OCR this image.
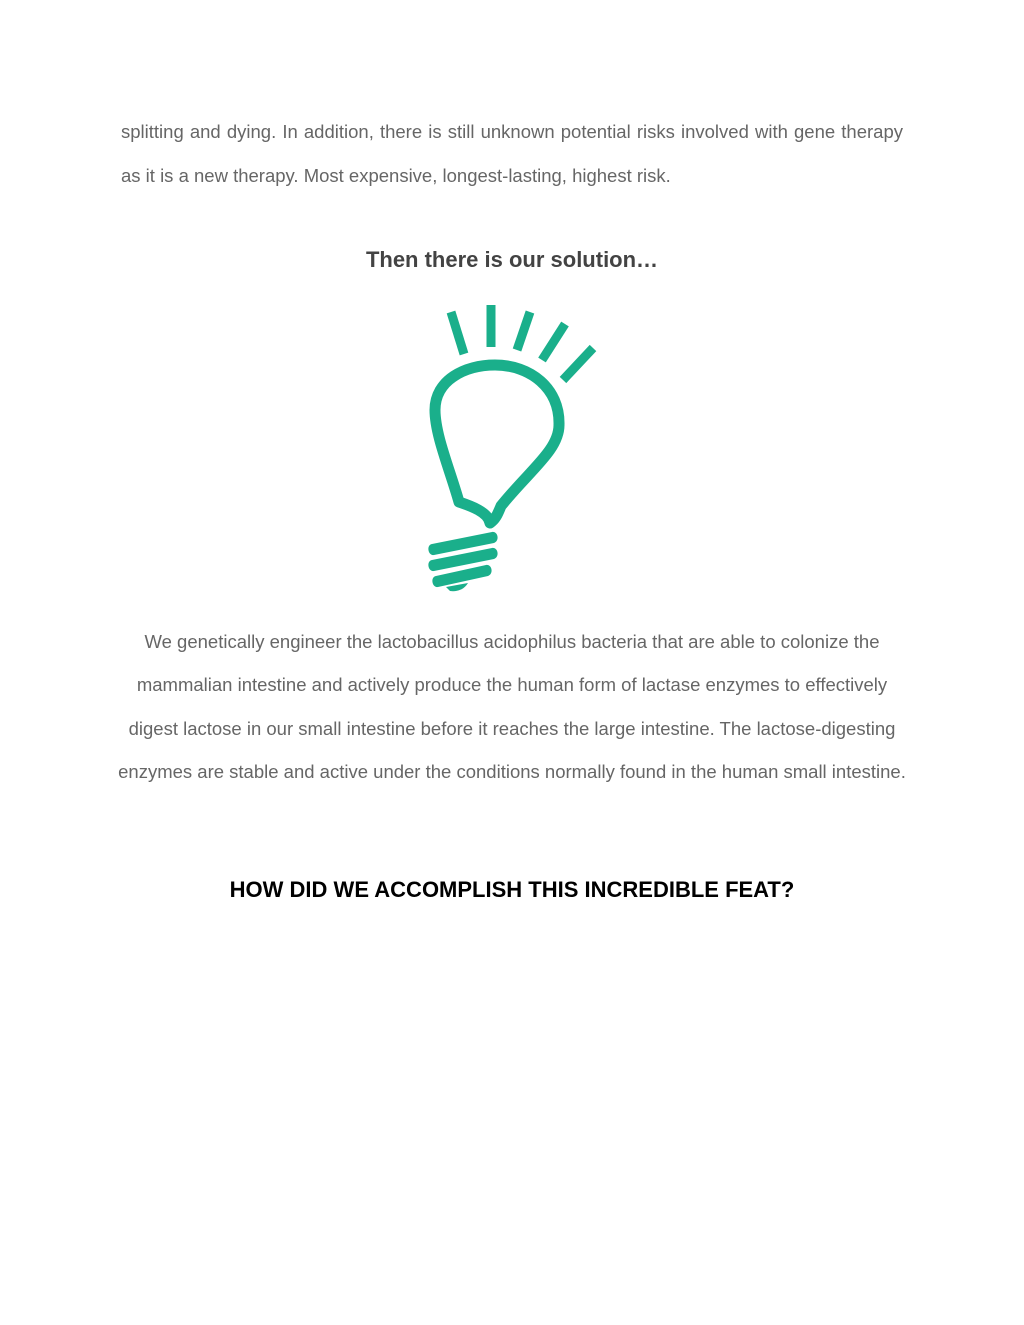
splitting and dying. In addition, there is still unknown potential risks involved with gene therapy as it is a new therapy. Most expensive, longest-lasting, highest risk.

Then there is our solution…

We genetically engineer the lactobacillus acidophilus bacteria that are able to colonize the mammalian intestine and actively produce the human form of lactase enzymes to effectively digest lactose in our small intestine before it reaches the large intestine. The lactose-digesting enzymes are stable and active under the conditions normally found in the human small intestine.

HOW DID WE ACCOMPLISH THIS INCREDIBLE FEAT?
